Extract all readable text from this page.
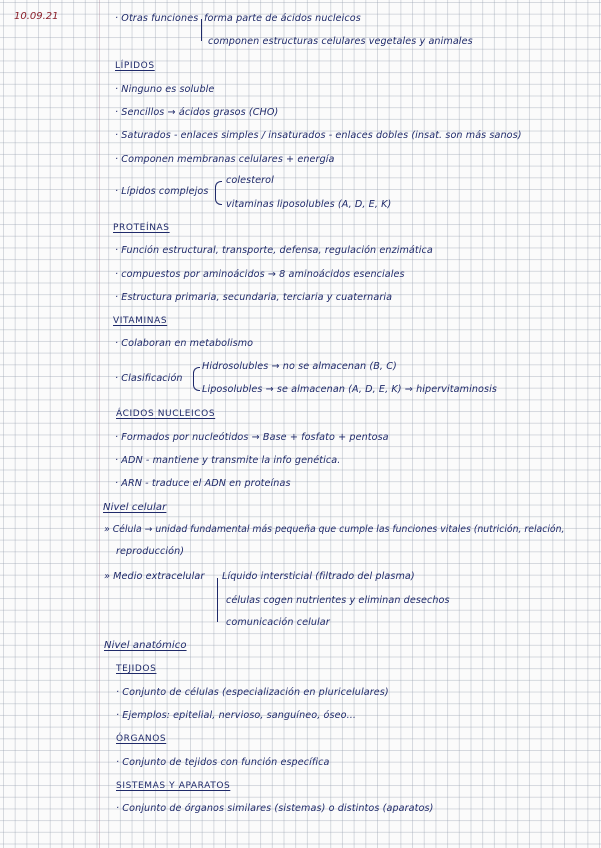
10.09.21	· Otras funciones forma parte de ácidos nucleicos
componen estructuras celulares vegetales y animales
LÍPIDOS
· Ninguno es soluble
· Sencillos → ácidos grasos (CHO)
· Saturados - enlaces simples / insaturados - enlaces dobles (insat. son más sanos)
· Componen membranas celulares + energía
· Lípidos complejos
colesterol
vitaminas liposolubles (A, D, E, K)
PROTEÍNAS
· Función estructural, transporte, defensa, regulación enzimática
· compuestos por aminoácidos → 8 aminoácidos esenciales
· Estructura primaria, secundaria, terciaria y cuaternaria
VITAMINAS
· Colaboran en metabolismo
· Clasificación
Hidrosolubles → no se almacenan (B, C)
Liposolubles → se almacenan (A, D, E, K) ⇒ hipervitaminosis
ÁCIDOS NUCLEICOS
· Formados por nucleótidos → Base + fosfato + pentosa
· ADN - mantiene y transmite la info genética.
· ARN - traduce el ADN en proteínas
Nivel celular
» Célula → unidad fundamental más pequeña que cumple las funciones vitales (nutrición, relación,
reproducción)
» Medio extracelular Líquido intersticial (filtrado del plasma)
células cogen nutrientes y eliminan desechos
comunicación celular
Nivel anatómico
TEJIDOS
· Conjunto de células (especialización en pluricelulares)
· Ejemplos: epitelial, nervioso, sanguíneo, óseo...
ÓRGANOS
· Conjunto de tejidos con función específica
SISTEMAS Y APARATOS
· Conjunto de órganos similares (sistemas) o distintos (aparatos)
